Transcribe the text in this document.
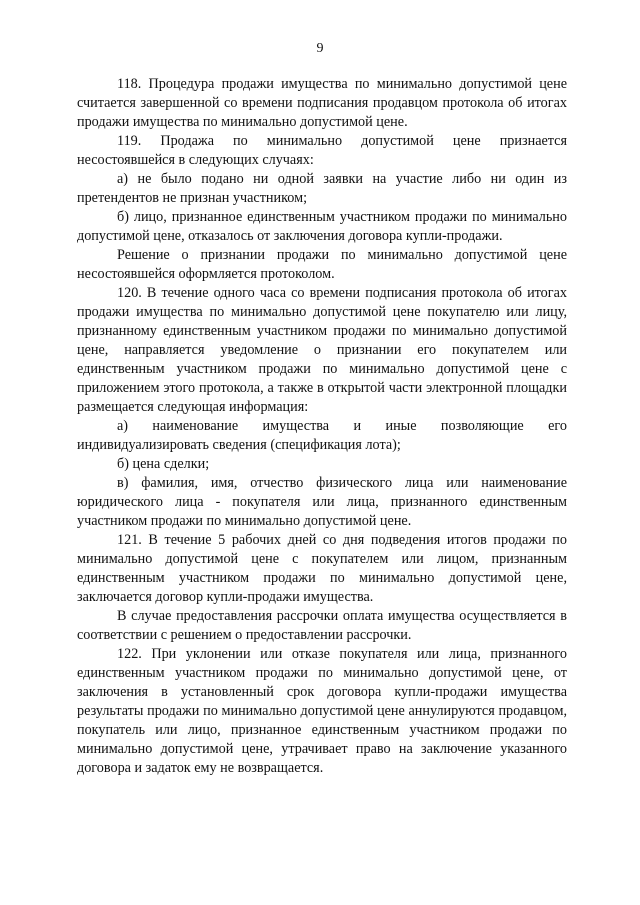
9

118. Процедура продажи имущества по минимально допустимой цене считается завершенной со времени подписания продавцом протокола об итогах продажи имущества по минимально допустимой цене.

119. Продажа по минимально допустимой цене признается несостоявшейся в следующих случаях:

а) не было подано ни одной заявки на участие либо ни один из претендентов не признан участником;

б) лицо, признанное единственным участником продажи по минимально допустимой цене, отказалось от заключения договора купли-продажи.

Решение о признании продажи по минимально допустимой цене несостоявшейся оформляется протоколом.

120. В течение одного часа со времени подписания протокола об итогах продажи имущества по минимально допустимой цене покупателю или лицу, признанному единственным участником продажи по минимально допустимой цене, направляется уведомление о признании его покупателем или единственным участником продажи по минимально допустимой цене с приложением этого протокола, а также в открытой части электронной площадки размещается следующая информация:

а) наименование имущества и иные позволяющие его индивидуализировать сведения (спецификация лота);

б) цена сделки;

в) фамилия, имя, отчество физического лица или наименование юридического лица - покупателя или лица, признанного единственным участником продажи по минимально допустимой цене.

121. В течение 5 рабочих дней со дня подведения итогов продажи по минимально допустимой цене с покупателем или лицом, признанным единственным участником продажи по минимально допустимой цене, заключается договор купли-продажи имущества.

В случае предоставления рассрочки оплата имущества осуществляется в соответствии с решением о предоставлении рассрочки.

122. При уклонении или отказе покупателя или лица, признанного единственным участником продажи по минимально допустимой цене, от заключения в установленный срок договора купли-продажи имущества результаты продажи по минимально допустимой цене аннулируются продавцом, покупатель или лицо, признанное единственным участником продажи по минимально допустимой цене, утрачивает право на заключение указанного договора и задаток ему не возвращается.
